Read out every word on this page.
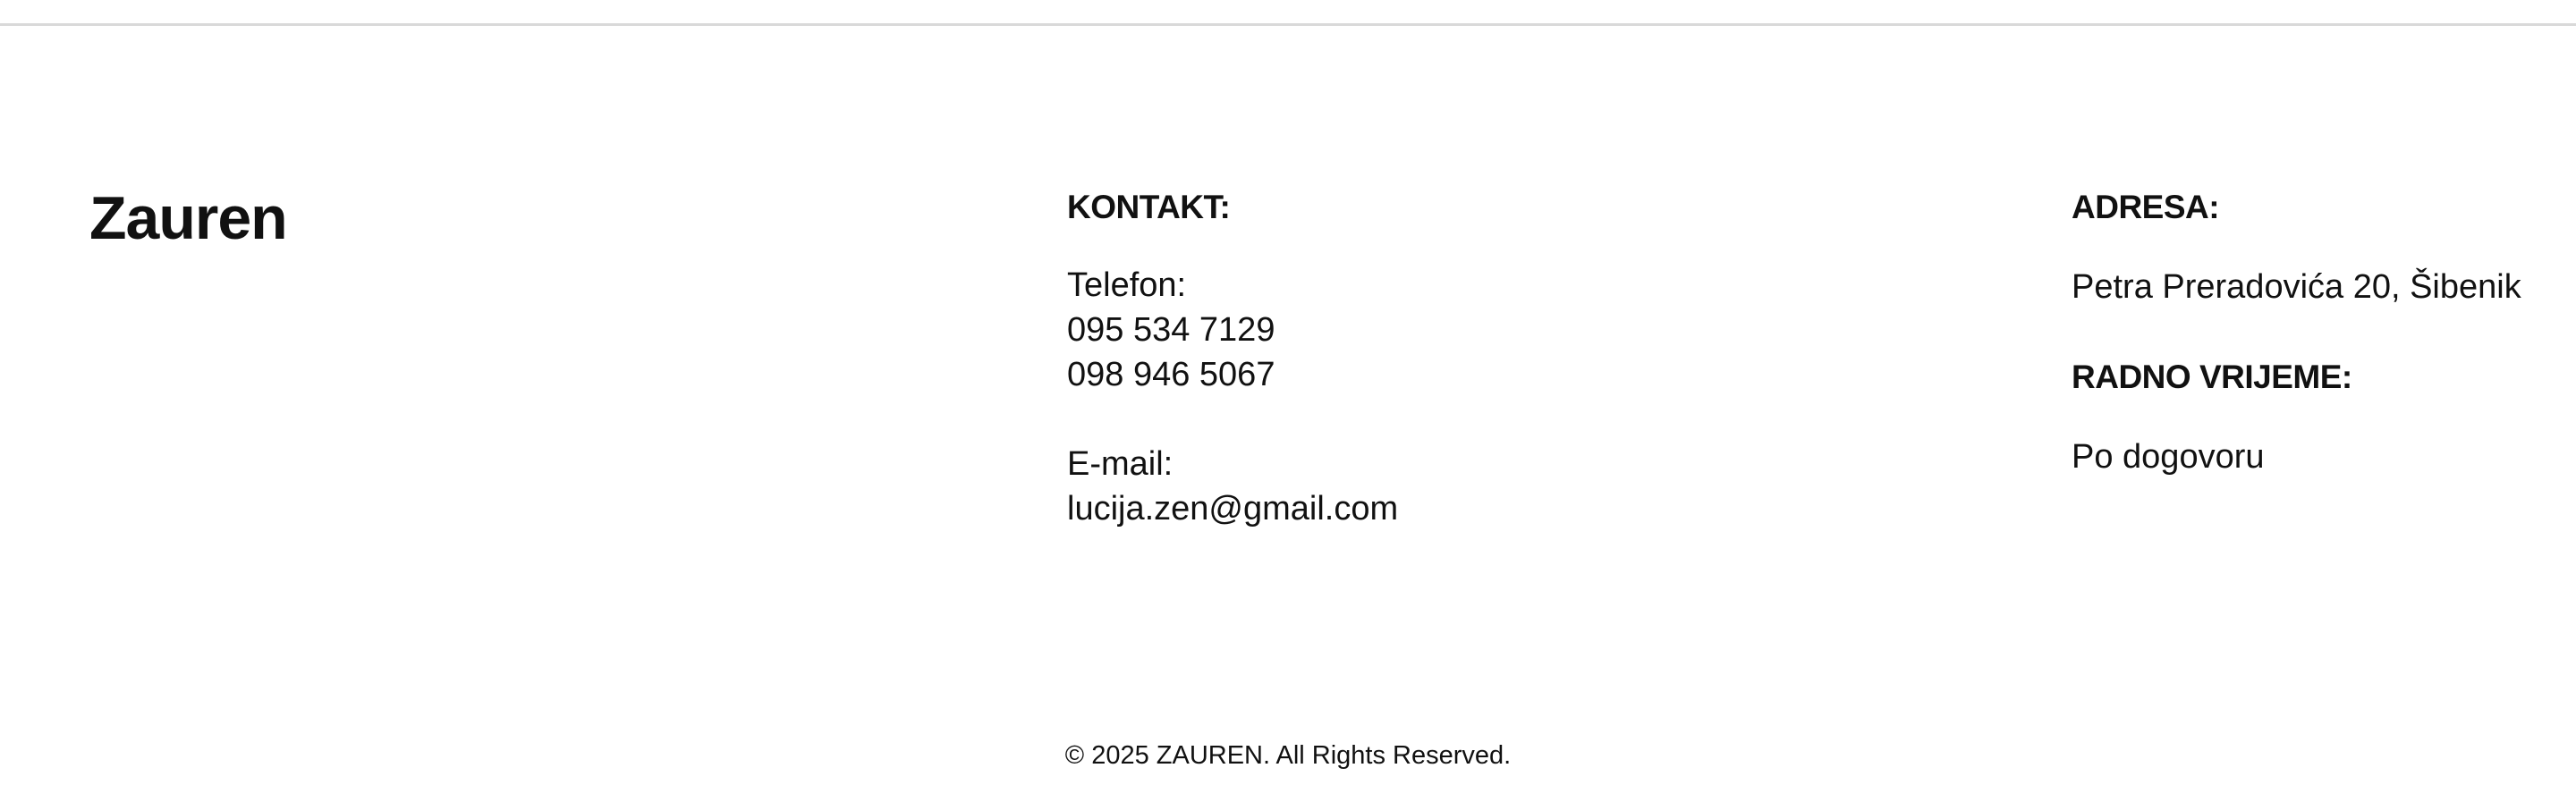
Zauren	KONTAKT:
Telefon:
095 534 7129
098 946 5067
E-mail:
lucija.zen@gmail.com
ADRESA:
Petra Preradovića 20, Šibenik
RADNO VRIJEME:
Po dogovoru
© 2025 ZAUREN. All Rights Reserved.
